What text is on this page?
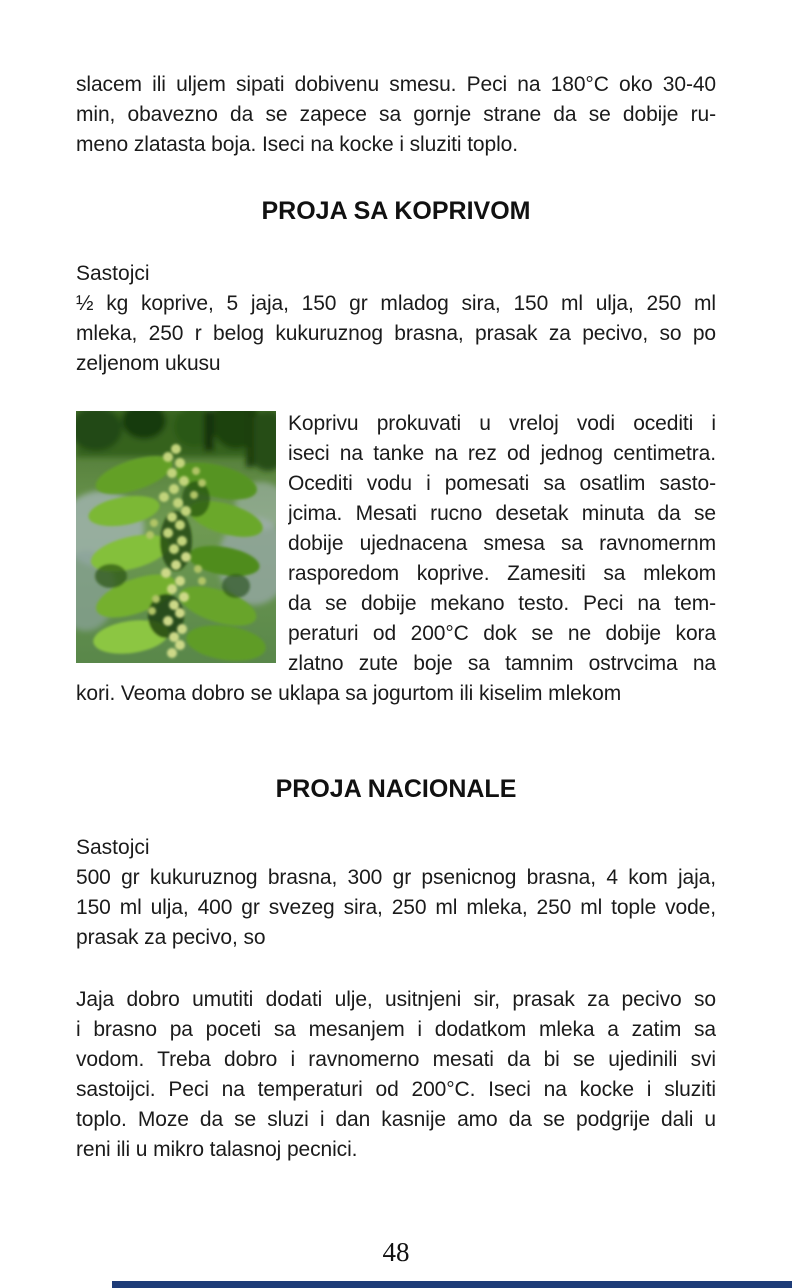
slacem ili uljem sipati dobivenu smesu. Peci na 180°C oko 30-40
min, obavezno da se zapece sa gornje strane da se dobije ru-
meno zlatasta boja. Iseci na kocke i sluziti toplo.
PROJA SA KOPRIVOM
Sastojci
½ kg koprive, 5 jaja, 150 gr mladog sira, 150 ml ulja, 250 ml
mleka, 250 r belog kukuruznog brasna, prasak za pecivo, so po
zeljenom ukusu
Koprivu prokuvati u vreloj vodi ocediti i
iseci na tanke na rez od jednog centimetra.
Ocediti vodu i pomesati sa osatlim sasto-
jcima. Mesati rucno desetak minuta da se
dobije ujednacena smesa sa ravnomernm
rasporedom koprive. Zamesiti sa mlekom
da se dobije mekano testo. Peci na tem-
peraturi od 200°C dok se ne dobije kora
zlatno zute boje sa tamnim ostrvcima na
kori. Veoma dobro se uklapa sa jogurtom ili kiselim mlekom
PROJA NACIONALE
Sastojci
500 gr kukuruznog brasna, 300 gr psenicnog brasna, 4 kom jaja,
150 ml ulja, 400 gr svezeg sira, 250 ml mleka, 250 ml tople vode,
prasak za pecivo, so
Jaja dobro umutiti dodati ulje, usitnjeni sir, prasak za pecivo so
i brasno pa poceti sa mesanjem i dodatkom mleka a zatim sa
vodom. Treba dobro i ravnomerno mesati da bi se ujedinili svi
sastoijci. Peci na temperaturi od 200°C. Iseci na kocke i sluziti
toplo. Moze da se sluzi i dan kasnije amo da se podgrije dali u
reni ili u mikro talasnoj pecnici.
48
